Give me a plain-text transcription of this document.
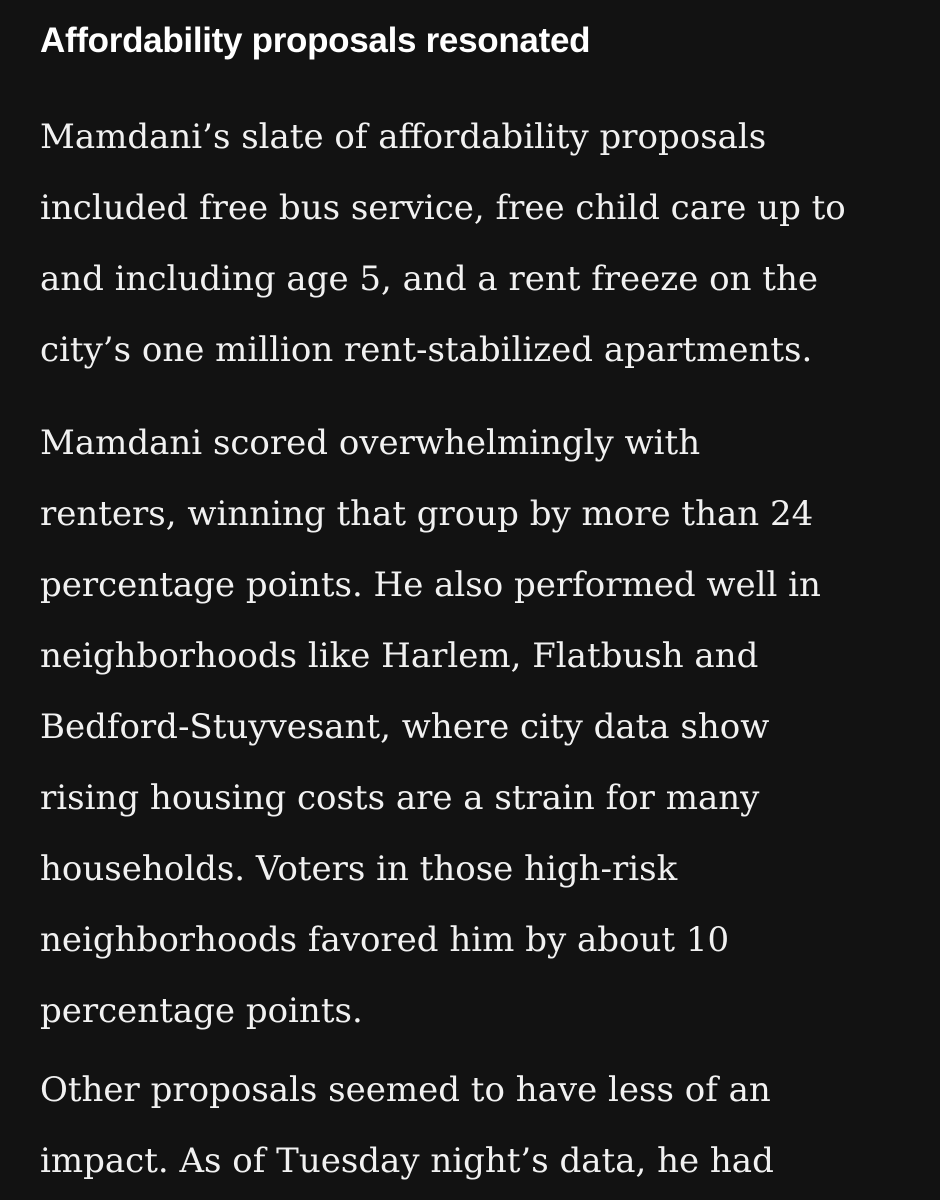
Affordability proposals resonated

Mamdani’s slate of affordability proposals
included free bus service, free child care up to
and including age 5, and a rent freeze on the
city’s one million rent-stabilized apartments.

Mamdani scored overwhelmingly with
renters, winning that group by more than 24
percentage points. He also performed well in
neighborhoods like Harlem, Flatbush and
Bedford-Stuyvesant, where city data show
rising housing costs are a strain for many
households. Voters in those high-risk
neighborhoods favored him by about 10
percentage points.

Other proposals seemed to have less of an
impact. As of Tuesday night’s data, he had
